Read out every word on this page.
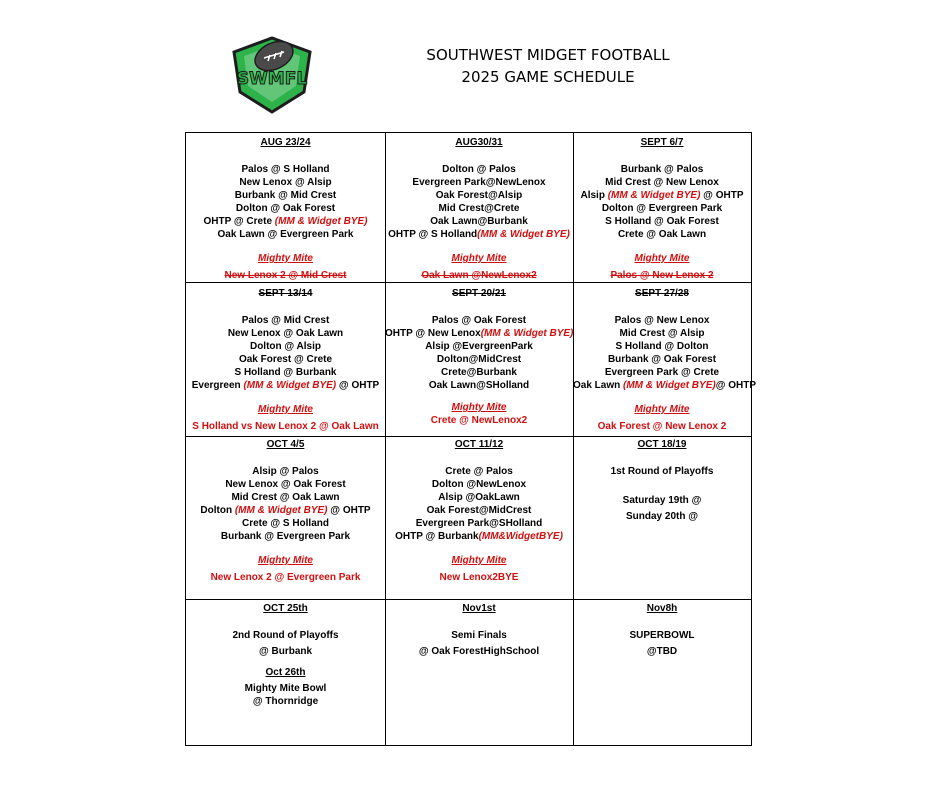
SWMFL
SOUTHWEST MIDGET FOOTBALL
2025 GAME SCHEDULE
AUG 23/24
Palos @ S Holland
New Lenox @ Alsip
Burbank @ Mid Crest
Dolton @ Oak Forest
OHTP @ Crete (MM & Widget BYE)
Oak Lawn @ Evergreen Park
Mighty Mite
New Lenox 2 @ Mid Crest
AUG30/31
Dolton @ Palos
Evergreen Park@NewLenox
Oak Forest@Alsip
Mid Crest@Crete
Oak Lawn@Burbank
OHTP @ S Holland(MM & Widget BYE)
Mighty Mite
Oak Lawn @NewLenox2
SEPT 6/7
Burbank @ Palos
Mid Crest @ New Lenox
Alsip (MM & Widget BYE) @ OHTP
Dolton @ Evergreen Park
S Holland @ Oak Forest
Crete @ Oak Lawn
Mighty Mite
Palos @ New Lenox 2
SEPT 13/14
Palos @ Mid Crest
New Lenox @ Oak Lawn
Dolton @ Alsip
Oak Forest @ Crete
S Holland @ Burbank
Evergreen (MM & Widget BYE) @ OHTP
Mighty Mite
S Holland vs New Lenox 2 @ Oak Lawn
SEPT 20/21
Palos @ Oak Forest
OHTP @ New Lenox(MM & Widget BYE)
Alsip @EvergreenPark
Dolton@MidCrest
Crete@Burbank
Oak Lawn@SHolland
Mighty Mite
Crete @ NewLenox2
SEPT 27/28
Palos @ New Lenox
Mid Crest @ Alsip
S Holland @ Dolton
Burbank @ Oak Forest
Evergreen Park @ Crete
Oak Lawn (MM & Widget BYE)@ OHTP
Mighty Mite
Oak Forest @ New Lenox 2
OCT 4/5
Alsip @ Palos
New Lenox @ Oak Forest
Mid Crest @ Oak Lawn
Dolton (MM & Widget BYE) @ OHTP
Crete @ S Holland
Burbank @ Evergreen Park
Mighty Mite
New Lenox 2 @ Evergreen Park
OCT 11/12
Crete @ Palos
Dolton @NewLenox
Alsip @OakLawn
Oak Forest@MidCrest
Evergreen Park@SHolland
OHTP @ Burbank(MM&WidgetBYE)
Mighty Mite
New Lenox2BYE
OCT 18/19
1st Round of Playoffs
Saturday 19th @
Sunday 20th @
OCT 25th
2nd Round of Playoffs
@ Burbank
Oct 26th
Mighty Mite Bowl
@ Thornridge
Nov1st
Semi Finals
@ Oak ForestHighSchool
Nov8h
SUPERBOWL
@TBD
